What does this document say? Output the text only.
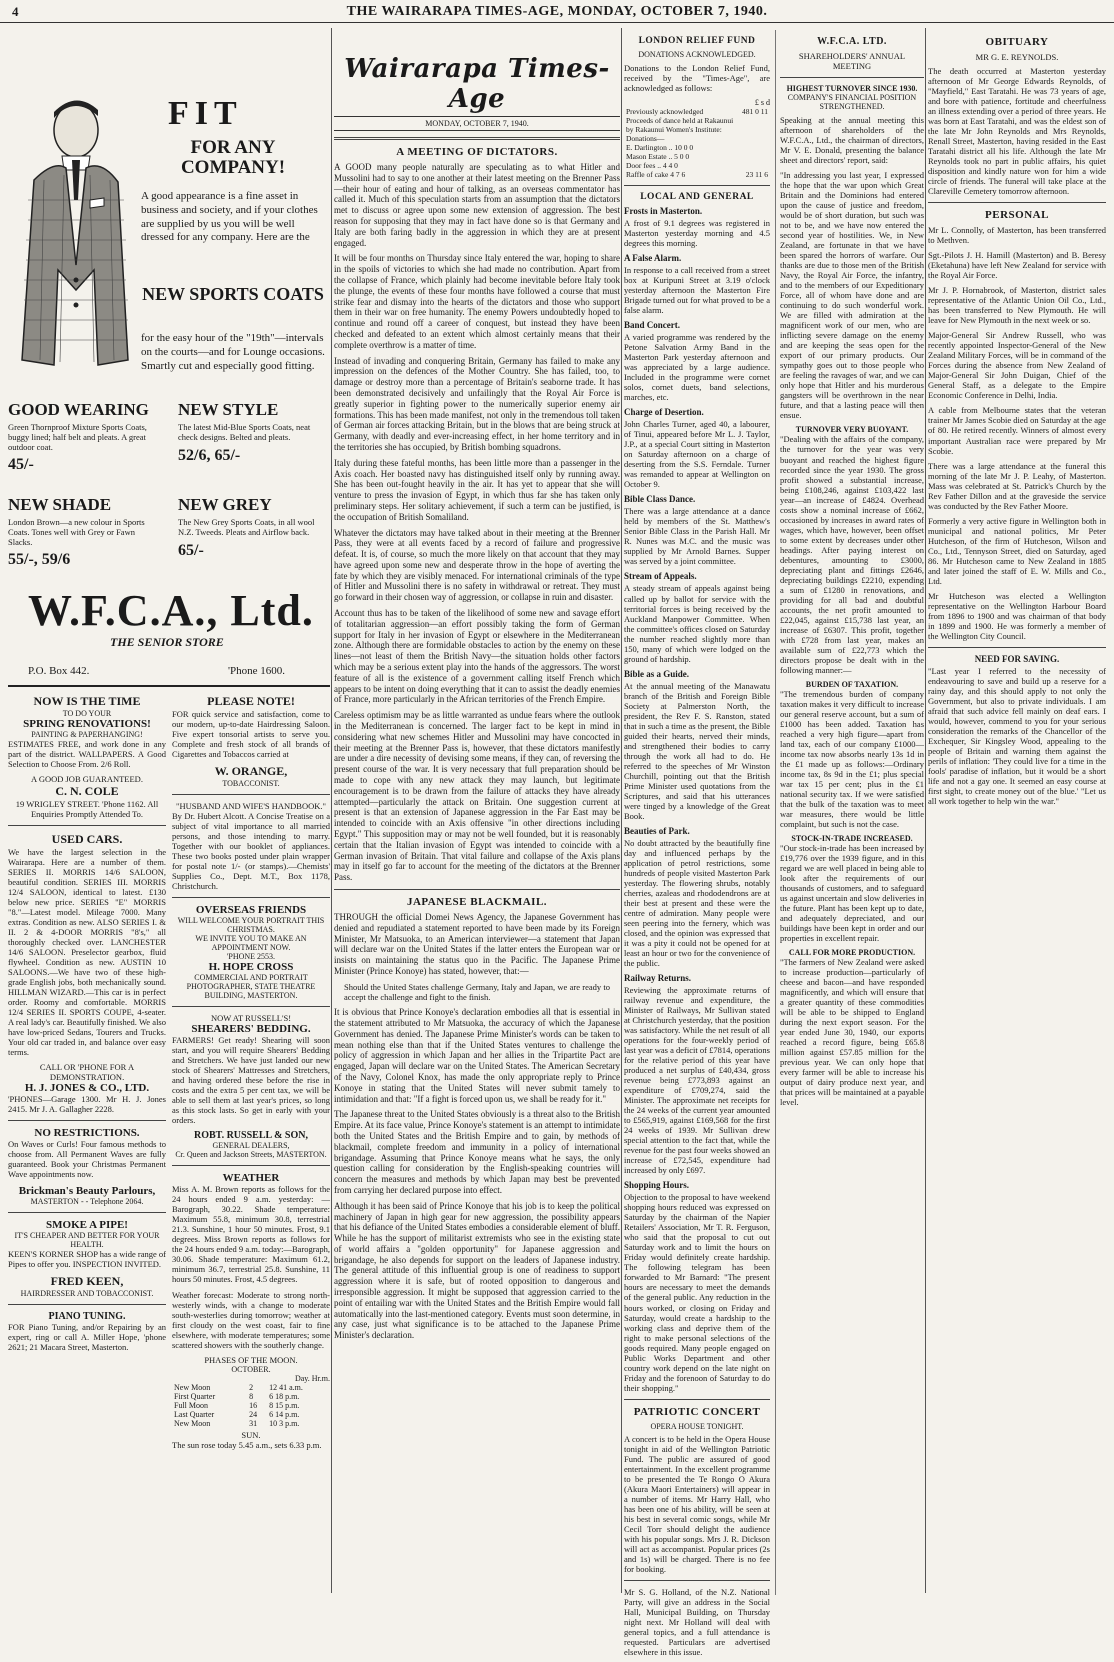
4	THE WAIRARAPA TIMES-AGE, MONDAY, OCTOBER 7, 1940.
FIT
FOR ANY COMPANY!
A good appearance is a fine asset in business and society, and if your clothes are supplied by us you will be well dressed for any company. Here are the
NEW SPORTS COATS
for the easy hour of the "19th"—intervals on the courts—and for Lounge occasions. Smartly cut and especially good fitting.
GOOD WEARING
Green Thornproof Mixture Sports Coats, buggy lined; half belt and pleats. A great outdoor coat.
45/-
NEW STYLE
The latest Mid-Blue Sports Coats, neat check designs. Belted and pleats.
52/6, 65/-
NEW SHADE
London Brown—a new colour in Sports Coats. Tones well with Grey or Fawn Slacks.
55/-, 59/6
NEW GREY
The New Grey Sports Coats, in all wool N.Z. Tweeds. Pleats and Airflow back.
65/-
W.F.C.A., Ltd.
THE SENIOR STORE
P.O. Box 442.	'Phone 1600.
NOW IS THE TIME
TO DO YOUR
SPRING RENOVATIONS!
PAINTING & PAPERHANGING!

ESTIMATES FREE, and work done in any part of the district. WALLPAPERS. A Good Selection to Choose From. 2/6 Roll.

A GOOD JOB GUARANTEED.
C. N. COLE

19 WRIGLEY STREET. 'Phone 1162. All Enquiries Promptly Attended To.

USED CARS.

We have the largest selection in the Wairarapa. Here are a number of them. SERIES II. MORRIS 14/6 SALOON, beautiful condition. SERIES III. MORRIS 12/4 SALOON, identical to latest. £130 below new price. SERIES "E" MORRIS "8."—Latest model. Mileage 7000. Many extras. Condition as new. ALSO SERIES I. & II. 2 & 4-DOOR MORRIS "8's," all thoroughly checked over. LANCHESTER 14/6 SALOON. Preselector gearbox, fluid flywheel. Condition as new. AUSTIN 10 SALOONS.—We have two of these high-grade English jobs, both mechanically sound. HILLMAN WIZARD.—This car is in perfect order. Roomy and comfortable. MORRIS 12/4 SERIES II. SPORTS COUPE, 4-seater. A real lady's car. Beautifully finished. We also have low-priced Sedans, Tourers and Trucks. Your old car traded in, and balance over easy terms.

CALL OR 'PHONE FOR A DEMONSTRATION.
H. J. JONES & CO., LTD.

'PHONES—Garage 1300. Mr H. J. Jones 2415. Mr J. A. Gallagher 2228.

NO RESTRICTIONS.

On Waves or Curls! Four famous methods to choose from. All Permanent Waves are fully guaranteed. Book your Christmas Permanent Wave appointments now.

Brickman's Beauty Parlours,
MASTERTON - - Telephone 2064.
SMOKE A PIPE!
IT'S CHEAPER AND BETTER FOR YOUR HEALTH.

KEEN'S KORNER SHOP has a wide range of Pipes to offer you. INSPECTION INVITED.

FRED KEEN,
HAIRDRESSER AND TOBACCONIST.
PIANO TUNING.

FOR Piano Tuning, and/or Repairing by an expert, ring or call A. Miller Hope, 'phone 2621; 21 Macara Street, Masterton.

PLEASE NOTE!

FOR quick service and satisfaction, come to our modern, up-to-date Hairdressing Saloon. Five expert tonsorial artists to serve you. Complete and fresh stock of all brands of Cigarettes and Tobaccos carried at

W. ORANGE,
TOBACCONIST.
"HUSBAND AND WIFE'S HANDBOOK."

By Dr. Hubert Alcott. A Concise Treatise on a subject of vital importance to all married persons, and those intending to marry. Together with our booklet of appliances. These two books posted under plain wrapper for postal note 1/- (or stamps).—Chemists' Supplies Co., Dept. M.T., Box 1178, Christchurch.

OVERSEAS FRIENDS
WILL WELCOME YOUR PORTRAIT THIS CHRISTMAS.
WE INVITE YOU TO MAKE AN APPOINTMENT NOW.
'PHONE 2553.
H. HOPE CROSS
COMMERCIAL AND PORTRAIT PHOTOGRAPHER, STATE THEATRE BUILDING, MASTERTON.
NOW AT RUSSELL'S!
SHEARERS' BEDDING.

FARMERS! Get ready! Shearing will soon start, and you will require Shearers' Bedding and Stretchers. We have just landed our new stock of Shearers' Mattresses and Stretchers, and having ordered these before the rise in costs and the extra 5 per cent tax, we will be able to sell them at last year's prices, so long as this stock lasts. So get in early with your orders.

ROBT. RUSSELL & SON,
GENERAL DEALERS,
Cr. Queen and Jackson Streets, MASTERTON.
WEATHER

Miss A. M. Brown reports as follows for the 24 hours ended 9 a.m. yesterday: —Barograph, 30.22. Shade temperature: Maximum 55.8, minimum 30.8, terrestrial 21.3. Sunshine, 1 hour 50 minutes. Frost, 9.1 degrees. Miss Brown reports as follows for the 24 hours ended 9 a.m. today:—Barograph, 30.06. Shade temperature: Maximum 61.2, minimum 36.7, terrestrial 25.8. Sunshine, 11 hours 50 minutes. Frost, 4.5 degrees.

Weather forecast: Moderate to strong north-westerly winds, with a change to moderate south-westerlies during tomorrow; weather at first cloudy on the west coast, fair to fine elsewhere, with moderate temperatures; some scattered showers with the southerly change.

PHASES OF THE MOON.
OCTOBER.
Day. Hr.m.
New Moon	2	12 41 a.m.
First Quarter	8	6 18 p.m.
Full Moon	16	8 15 p.m.
Last Quarter	24	6 14 p.m.
New Moon	31	10 3 p.m.
SUN.

The sun rose today 5.45 a.m., sets 6.33 p.m.

Wairarapa Times-Age
MONDAY, OCTOBER 7, 1940.
A MEETING OF DICTATORS.

A GOOD many people naturally are speculating as to what Hitler and Mussolini had to say to one another at their latest meeting on the Brenner Pass—their hour of eating and hour of talking, as an overseas commentator has called it. Much of this speculation starts from an assumption that the dictators met to discuss or agree upon some new extension of aggression. The best reason for supposing that they may in fact have done so is that Germany and Italy are both faring badly in the aggression in which they are at present engaged.

It will be four months on Thursday since Italy entered the war, hoping to share in the spoils of victories to which she had made no contribution. Apart from the collapse of France, which plainly had become inevitable before Italy took the plunge, the events of these four months have followed a course that must strike fear and dismay into the hearts of the dictators and those who support them in their war on free humanity. The enemy Powers undoubtedly hoped to continue and round off a career of conquest, but instead they have been checked and defeated to an extent which almost certainly means that their complete overthrow is a matter of time.

Instead of invading and conquering Britain, Germany has failed to make any impression on the defences of the Mother Country. She has failed, too, to damage or destroy more than a percentage of Britain's seaborne trade. It has been demonstrated decisively and unfailingly that the Royal Air Force is greatly superior in fighting power to the numerically superior enemy air formations. This has been made manifest, not only in the tremendous toll taken of German air forces attacking Britain, but in the blows that are being struck at Germany, with deadly and ever-increasing effect, in her home territory and in the territories she has occupied, by British bombing squadrons.

Italy during these fateful months, has been little more than a passenger in the Axis coach. Her boasted navy has distinguished itself only by running away. She has been out-fought heavily in the air. It has yet to appear that she will venture to press the invasion of Egypt, in which thus far she has taken only preliminary steps. Her solitary achievement, if such a term can be justified, is the occupation of British Somaliland.

Whatever the dictators may have talked about in their meeting at the Brenner Pass, they were at all events faced by a record of failure and progressive defeat. It is, of course, so much the more likely on that account that they may have agreed upon some new and desperate throw in the hope of averting the fate by which they are visibly menaced. For international criminals of the type of Hitler and Mussolini there is no safety in withdrawal or retreat. They must go forward in their chosen way of aggression, or collapse in ruin and disaster.

Account thus has to be taken of the likelihood of some new and savage effort of totalitarian aggression—an effort possibly taking the form of German support for Italy in her invasion of Egypt or elsewhere in the Mediterranean zone. Although there are formidable obstacles to action by the enemy on these lines—not least of them the British Navy—the situation holds other factors which may be a serious extent play into the hands of the aggressors. The worst feature of all is the existence of a government calling itself French which appears to be intent on doing everything that it can to assist the deadly enemies of France, more particularly in the African territories of the French Empire.

Careless optimism may be as little warranted as undue fears where the outlook in the Mediterranean is concerned. The larger fact to be kept in mind in considering what new schemes Hitler and Mussolini may have concocted in their meeting at the Brenner Pass is, however, that these dictators manifestly are under a dire necessity of devising some means, if they can, of reversing the present course of the war. It is very necessary that full preparation should be made to cope with any new attack they may launch, but legitimate encouragement is to be drawn from the failure of attacks they have already attempted—particularly the attack on Britain. One suggestion current at present is that an extension of Japanese aggression in the Far East may be intended to coincide with an Axis offensive "in other directions including Egypt." This supposition may or may not be well founded, but it is reasonably certain that the Italian invasion of Egypt was intended to coincide with a German invasion of Britain. That vital failure and collapse of the Axis plans may in itself go far to account for the meeting of the dictators at the Brenner Pass.

JAPANESE BLACKMAIL.

THROUGH the official Domei News Agency, the Japanese Government has denied and repudiated a statement reported to have been made by its Foreign Minister, Mr Matsuoka, to an American interviewer—a statement that Japan will declare war on the United States if the latter enters the European war or insists on maintaining the status quo in the Pacific. The Japanese Prime Minister (Prince Konoye) has stated, however, that:—

Should the United States challenge Germany, Italy and Japan, we are ready to accept the challenge and fight to the finish.

It is obvious that Prince Konoye's declaration embodies all that is essential in the statement attributed to Mr Matsuoka, the accuracy of which the Japanese Government has denied. The Japanese Prime Minister's words can be taken to mean nothing else than that if the United States ventures to challenge the policy of aggression in which Japan and her allies in the Tripartite Pact are engaged, Japan will declare war on the United States. The American Secretary of the Navy, Colonel Knox, has made the only appropriate reply to Prince Konoye in stating that the United States will never submit tamely to intimidation and that: "If a fight is forced upon us, we shall be ready for it."

The Japanese threat to the United States obviously is a threat also to the British Empire. At its face value, Prince Konoye's statement is an attempt to intimidate both the United States and the British Empire and to gain, by methods of blackmail, complete freedom and immunity in a policy of international brigandage. Assuming that Prince Konoye means what he says, the only question calling for consideration by the English-speaking countries will concern the measures and methods by which Japan may best be prevented from carrying her declared purpose into effect.

Although it has been said of Prince Konoye that his job is to keep the political machinery of Japan in high gear for new aggression, the possibility appears that his defiance of the United States embodies a considerable element of bluff. While he has the support of militarist extremists who see in the existing state of world affairs a "golden opportunity" for Japanese aggression and brigandage, he also depends for support on the leaders of Japanese industry. The general attitude of this influential group is one of readiness to support aggression where it is safe, but of rooted opposition to dangerous and irresponsible aggression. It might be supposed that aggression carried to the point of entailing war with the United States and the British Empire would fall automatically into the last-mentioned category. Events must soon determine, in any case, just what significance is to be attached to the Japanese Prime Minister's declaration.

LONDON RELIEF FUND
DONATIONS ACKNOWLEDGED.

Donations to the London Relief Fund, received by the "Times-Age", are acknowledged as follows:

£ s d
Previously acknowledged	481 0 11
Proceeds of dance held at Rakaunui by Rakaunui Women's Institute: Donations—	
E. Darlington .. 10 0 0	
Mason Estate .. 5 0 0	
Door fees .. 4 4 0	
Raffle of cake 4 7 6	23 11 6
LOCAL AND GENERAL
Frosts in Masterton.

A frost of 9.1 degrees was registered in Masterton yesterday morning and 4.5 degrees this morning.

A False Alarm.

In response to a call received from a street box at Kuripuni Street at 3.19 o'clock yesterday afternoon the Masterton Fire Brigade turned out for what proved to be a false alarm.

Band Concert.

A varied programme was rendered by the Petone Salvation Army Band in the Masterton Park yesterday afternoon and was appreciated by a large audience. Included in the programme were cornet solos, cornet duets, band selections, marches, etc.

Charge of Desertion.

John Charles Turner, aged 40, a labourer, of Tinui, appeared before Mr L. J. Taylor, J.P., at a special Court sitting in Masterton on Saturday afternoon on a charge of deserting from the S.S. Ferndale. Turner was remanded to appear at Wellington on October 9.

Bible Class Dance.

There was a large attendance at a dance held by members of the St. Matthew's Senior Bible Class in the Parish Hall. Mr R. Nunes was M.C. and the music was supplied by Mr Arnold Barnes. Supper was served by a joint committee.

Stream of Appeals.

A steady stream of appeals against being called up by ballot for service with the territorial forces is being received by the Auckland Manpower Committee. When the committee's offices closed on Saturday the number reached slightly more than 150, many of which were lodged on the ground of hardship.

Bible as a Guide.

At the annual meeting of the Manawatu branch of the British and Foreign Bible Society at Palmerston North, the president, the Rev F. S. Ranston, stated that in such a time as the present, the Bible guided their hearts, nerved their minds, and strengthened their bodies to carry through the work all had to do. He referred to the speeches of Mr Winston Churchill, pointing out that the British Prime Minister used quotations from the Scriptures, and said that his utterances were tinged by a knowledge of the Great Book.

Beauties of Park.

No doubt attracted by the beautifully fine day and influenced perhaps by the application of petrol restrictions, some hundreds of people visited Masterton Park yesterday. The flowering shrubs, notably cherries, azaleas and rhododendrons are at their best at present and these were the centre of admiration. Many people were seen peering into the fernery, which was closed, and the opinion was expressed that it was a pity it could not be opened for at least an hour or two for the convenience of the public.

Railway Returns.

Reviewing the approximate returns of railway revenue and expenditure, the Minister of Railways, Mr Sullivan stated at Christchurch yesterday, that the position was satisfactory. While the net result of all operations for the four-weekly period of last year was a deficit of £7814, operations for the relative period of this year have produced a net surplus of £40,434, gross revenue being £773,893 against an expenditure of £709,274, said the Minister. The approximate net receipts for the 24 weeks of the current year amounted to £565,919, against £169,568 for the first 24 weeks of 1939. Mr Sullivan drew special attention to the fact that, while the revenue for the past four weeks showed an increase of £72,545, expenditure had increased by only £697.

Shopping Hours.

Objection to the proposal to have weekend shopping hours reduced was expressed on Saturday by the chairman of the Napier Retailers' Association, Mr T. R. Ferguson, who said that the proposal to cut out Saturday work and to limit the hours on Friday would definitely create hardship. The following telegram has been forwarded to Mr Barnard: "The present hours are necessary to meet the demands of the general public. Any reduction in the hours worked, or closing on Friday and Saturday, would create a hardship to the working class and deprive them of the right to make personal selections of the goods required. Many people engaged on Public Works Department and other country work depend on the late night on Friday and the forenoon of Saturday to do their shopping."

PATRIOTIC CONCERT
OPERA HOUSE TONIGHT.

A concert is to be held in the Opera House tonight in aid of the Wellington Patriotic Fund. The public are assured of good entertainment. In the excellent programme to be presented the Te Rongo O Akura (Akura Maori Entertainers) will appear in a number of items. Mr Harry Hall, who has been one of his ability, will be seen at his best in several comic songs, while Mr Cecil Torr should delight the audience with his popular songs. Mrs J. R. Dickson will act as accompanist. Popular prices (2s and 1s) will be charged. There is no fee for booking.

Mr S. G. Holland, of the N.Z. National Party, will give an address in the Social Hall, Municipal Building, on Thursday night next. Mr Holland will deal with general topics, and a full attendance is requested. Particulars are advertised elsewhere in this issue.

W.F.C.A. LTD.
SHAREHOLDERS' ANNUAL MEETING
HIGHEST TURNOVER SINCE 1930.
COMPANY'S FINANCIAL POSITION STRENGTHENED.

Speaking at the annual meeting this afternoon of shareholders of the W.F.C.A., Ltd., the chairman of directors, Mr V. E. Donald, presenting the balance sheet and directors' report, said:

"In addressing you last year, I expressed the hope that the war upon which Great Britain and the Dominions had entered upon the cause of justice and freedom, would be of short duration, but such was not to be, and we have now entered the second year of hostilities. We, in New Zealand, are fortunate in that we have been spared the horrors of warfare. Our thanks are due to those men of the British Navy, the Royal Air Force, the infantry, and to the members of our Expeditionary Force, all of whom have done and are continuing to do such wonderful work. We are filled with admiration at the magnificent work of our men, who are inflicting severe damage on the enemy and are keeping the seas open for the export of our primary products. Our sympathy goes out to those people who are feeling the ravages of war, and we can only hope that Hitler and his murderous gangsters will be overthrown in the near future, and that a lasting peace will then ensue.

TURNOVER VERY BUOYANT.

"Dealing with the affairs of the company, the turnover for the year was very buoyant and reached the highest figure recorded since the year 1930. The gross profit showed a substantial increase, being £108,246, against £103,422 last year—an increase of £4824. Overhead costs show a nominal increase of £662, occasioned by increases in award rates of wages, which have, however, been offset to some extent by decreases under other headings. After paying interest on debentures, amounting to £3000, depreciating plant and fittings £2646, depreciating buildings £2210, expending a sum of £1280 in renovations, and providing for all bad and doubtful accounts, the net profit amounted to £22,045, against £15,738 last year, an increase of £6307. This profit, together with £728 from last year, makes an available sum of £22,773 which the directors propose be dealt with in the following manner:—

BURDEN OF TAXATION.

"The tremendous burden of company taxation makes it very difficult to increase our general reserve account, but a sum of £1000 has been added. Taxation has reached a very high figure—apart from land tax, each of our company £1000—income tax now absorbs nearly 13s 1d in the £1 made up as follows:—Ordinary income tax, 8s 9d in the £1; plus special war tax 15 per cent; plus in the £1 national security tax. If we were satisfied that the bulk of the taxation was to meet war measures, there would be little complaint, but such is not the case.

STOCK-IN-TRADE INCREASED.

"Our stock-in-trade has been increased by £19,776 over the 1939 figure, and in this regard we are well placed in being able to look after the requirements of our thousands of customers, and to safeguard us against uncertain and slow deliveries in the future. Plant has been kept up to date, and adequately depreciated, and our buildings have been kept in order and our properties in excellent repair.

CALL FOR MORE PRODUCTION.

"The farmers of New Zealand were asked to increase production—particularly of cheese and bacon—and have responded magnificently, and which will ensure that a greater quantity of these commodities will be able to be shipped to England during the next export season. For the year ended June 30, 1940, our exports reached a record figure, being £65.8 million against £57.85 million for the previous year. We can only hope that every farmer will be able to increase his output of dairy produce next year, and that prices will be maintained at a payable level.

OBITUARY
MR G. E. REYNOLDS.

The death occurred at Masterton yesterday afternoon of Mr George Edwards Reynolds, of "Mayfield," East Taratahi. He was 73 years of age, and bore with patience, fortitude and cheerfulness an illness extending over a period of three years. He was born at East Taratahi, and was the eldest son of the late Mr John Reynolds and Mrs Reynolds, Renall Street, Masterton, having resided in the East Taratahi district all his life. Although the late Mr Reynolds took no part in public affairs, his quiet disposition and kindly nature won for him a wide circle of friends. The funeral will take place at the Clareville Cemetery tomorrow afternoon.

PERSONAL

Mr L. Connolly, of Masterton, has been transferred to Methven.

Sgt.-Pilots J. H. Hamill (Masterton) and B. Beresy (Eketahuna) have left New Zealand for service with the Royal Air Force.

Mr J. P. Hornabrook, of Masterton, district sales representative of the Atlantic Union Oil Co., Ltd., has been transferred to New Plymouth. He will leave for New Plymouth in the next week or so.

Major-General Sir Andrew Russell, who was recently appointed Inspector-General of the New Zealand Military Forces, will be in command of the Forces during the absence from New Zealand of Major-General Sir John Duigan, Chief of the General Staff, as a delegate to the Empire Economic Conference in Delhi, India.

A cable from Melbourne states that the veteran trainer Mr James Scobie died on Saturday at the age of 80. He retired recently. Winners of almost every important Australian race were prepared by Mr Scobie.

There was a large attendance at the funeral this morning of the late Mr J. P. Leahy, of Masterton. Mass was celebrated at St. Patrick's Church by the Rev Father Dillon and at the graveside the service was conducted by the Rev Father Moore.

Formerly a very active figure in Wellington both in municipal and national politics, Mr Peter Hutcheson, of the firm of Hutcheson, Wilson and Co., Ltd., Tennyson Street, died on Saturday, aged 86. Mr Hutcheson came to New Zealand in 1885 and later joined the staff of E. W. Mills and Co., Ltd.

Mr Hutcheson was elected a Wellington representative on the Wellington Harbour Board from 1896 to 1900 and was chairman of that body in 1899 and 1900. He was formerly a member of the Wellington City Council.

NEED FOR SAVING.

"Last year I referred to the necessity of endeavouring to save and build up a reserve for a rainy day, and this should apply to not only the Government, but also to private individuals. I am afraid that such advice fell mainly on deaf ears. I would, however, commend to you for your serious consideration the remarks of the Chancellor of the Exchequer, Sir Kingsley Wood, appealing to the people of Britain and warning them against the perils of inflation: 'They could live for a time in the fools' paradise of inflation, but it would be a short life and not a gay one. It seemed an easy course at first sight, to create money out of the blue.' "Let us all work together to help win the war."
